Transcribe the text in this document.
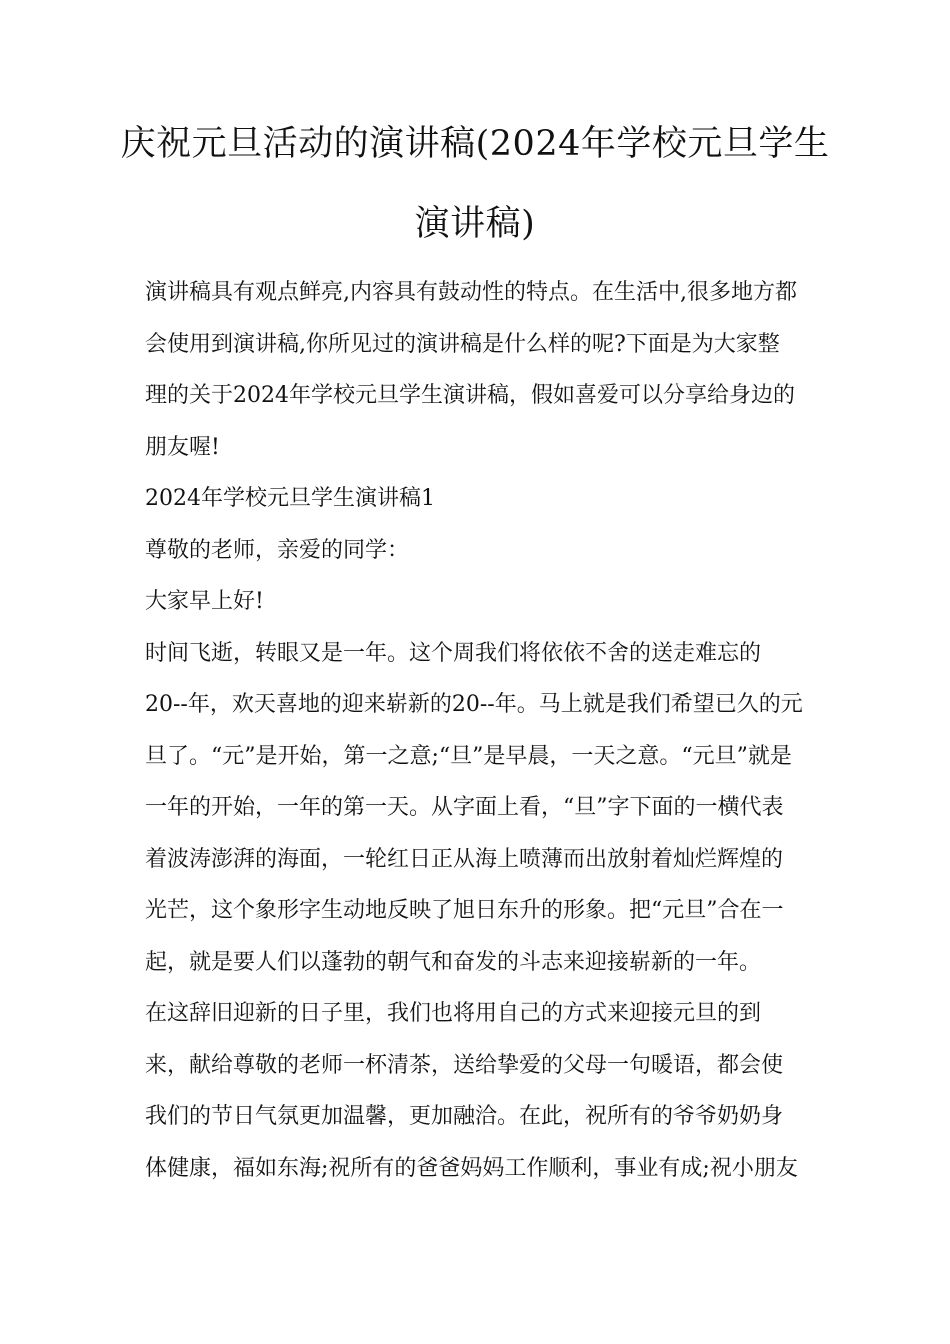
庆祝元旦活动的演讲稿(2024年学校元旦学生
演讲稿)
演讲稿具有观点鲜亮,内容具有鼓动性的特点。在生活中,很多地方都
会使用到演讲稿,你所见过的演讲稿是什么样的呢?下面是为大家整
理的关于2024年学校元旦学生演讲稿，假如喜爱可以分享给身边的
朋友喔!
2024年学校元旦学生演讲稿1
尊敬的老师，亲爱的同学：
大家早上好!
时间飞逝，转眼又是一年。这个周我们将依依不舍的送走难忘的
20--年，欢天喜地的迎来崭新的20--年。马上就是我们希望已久的元
旦了。“元”是开始，第一之意;“旦”是早晨，一天之意。“元旦”就是
一年的开始，一年的第一天。从字面上看，“旦”字下面的一横代表
着波涛澎湃的海面，一轮红日正从海上喷薄而出放射着灿烂辉煌的
光芒，这个象形字生动地反映了旭日东升的形象。把“元旦”合在一
起，就是要人们以蓬勃的朝气和奋发的斗志来迎接崭新的一年。
在这辞旧迎新的日子里，我们也将用自己的方式来迎接元旦的到
来，献给尊敬的老师一杯清茶，送给挚爱的父母一句暖语，都会使
我们的节日气氛更加温馨，更加融洽。在此，祝所有的爷爷奶奶身
体健康，福如东海;祝所有的爸爸妈妈工作顺利，事业有成;祝小朋友
